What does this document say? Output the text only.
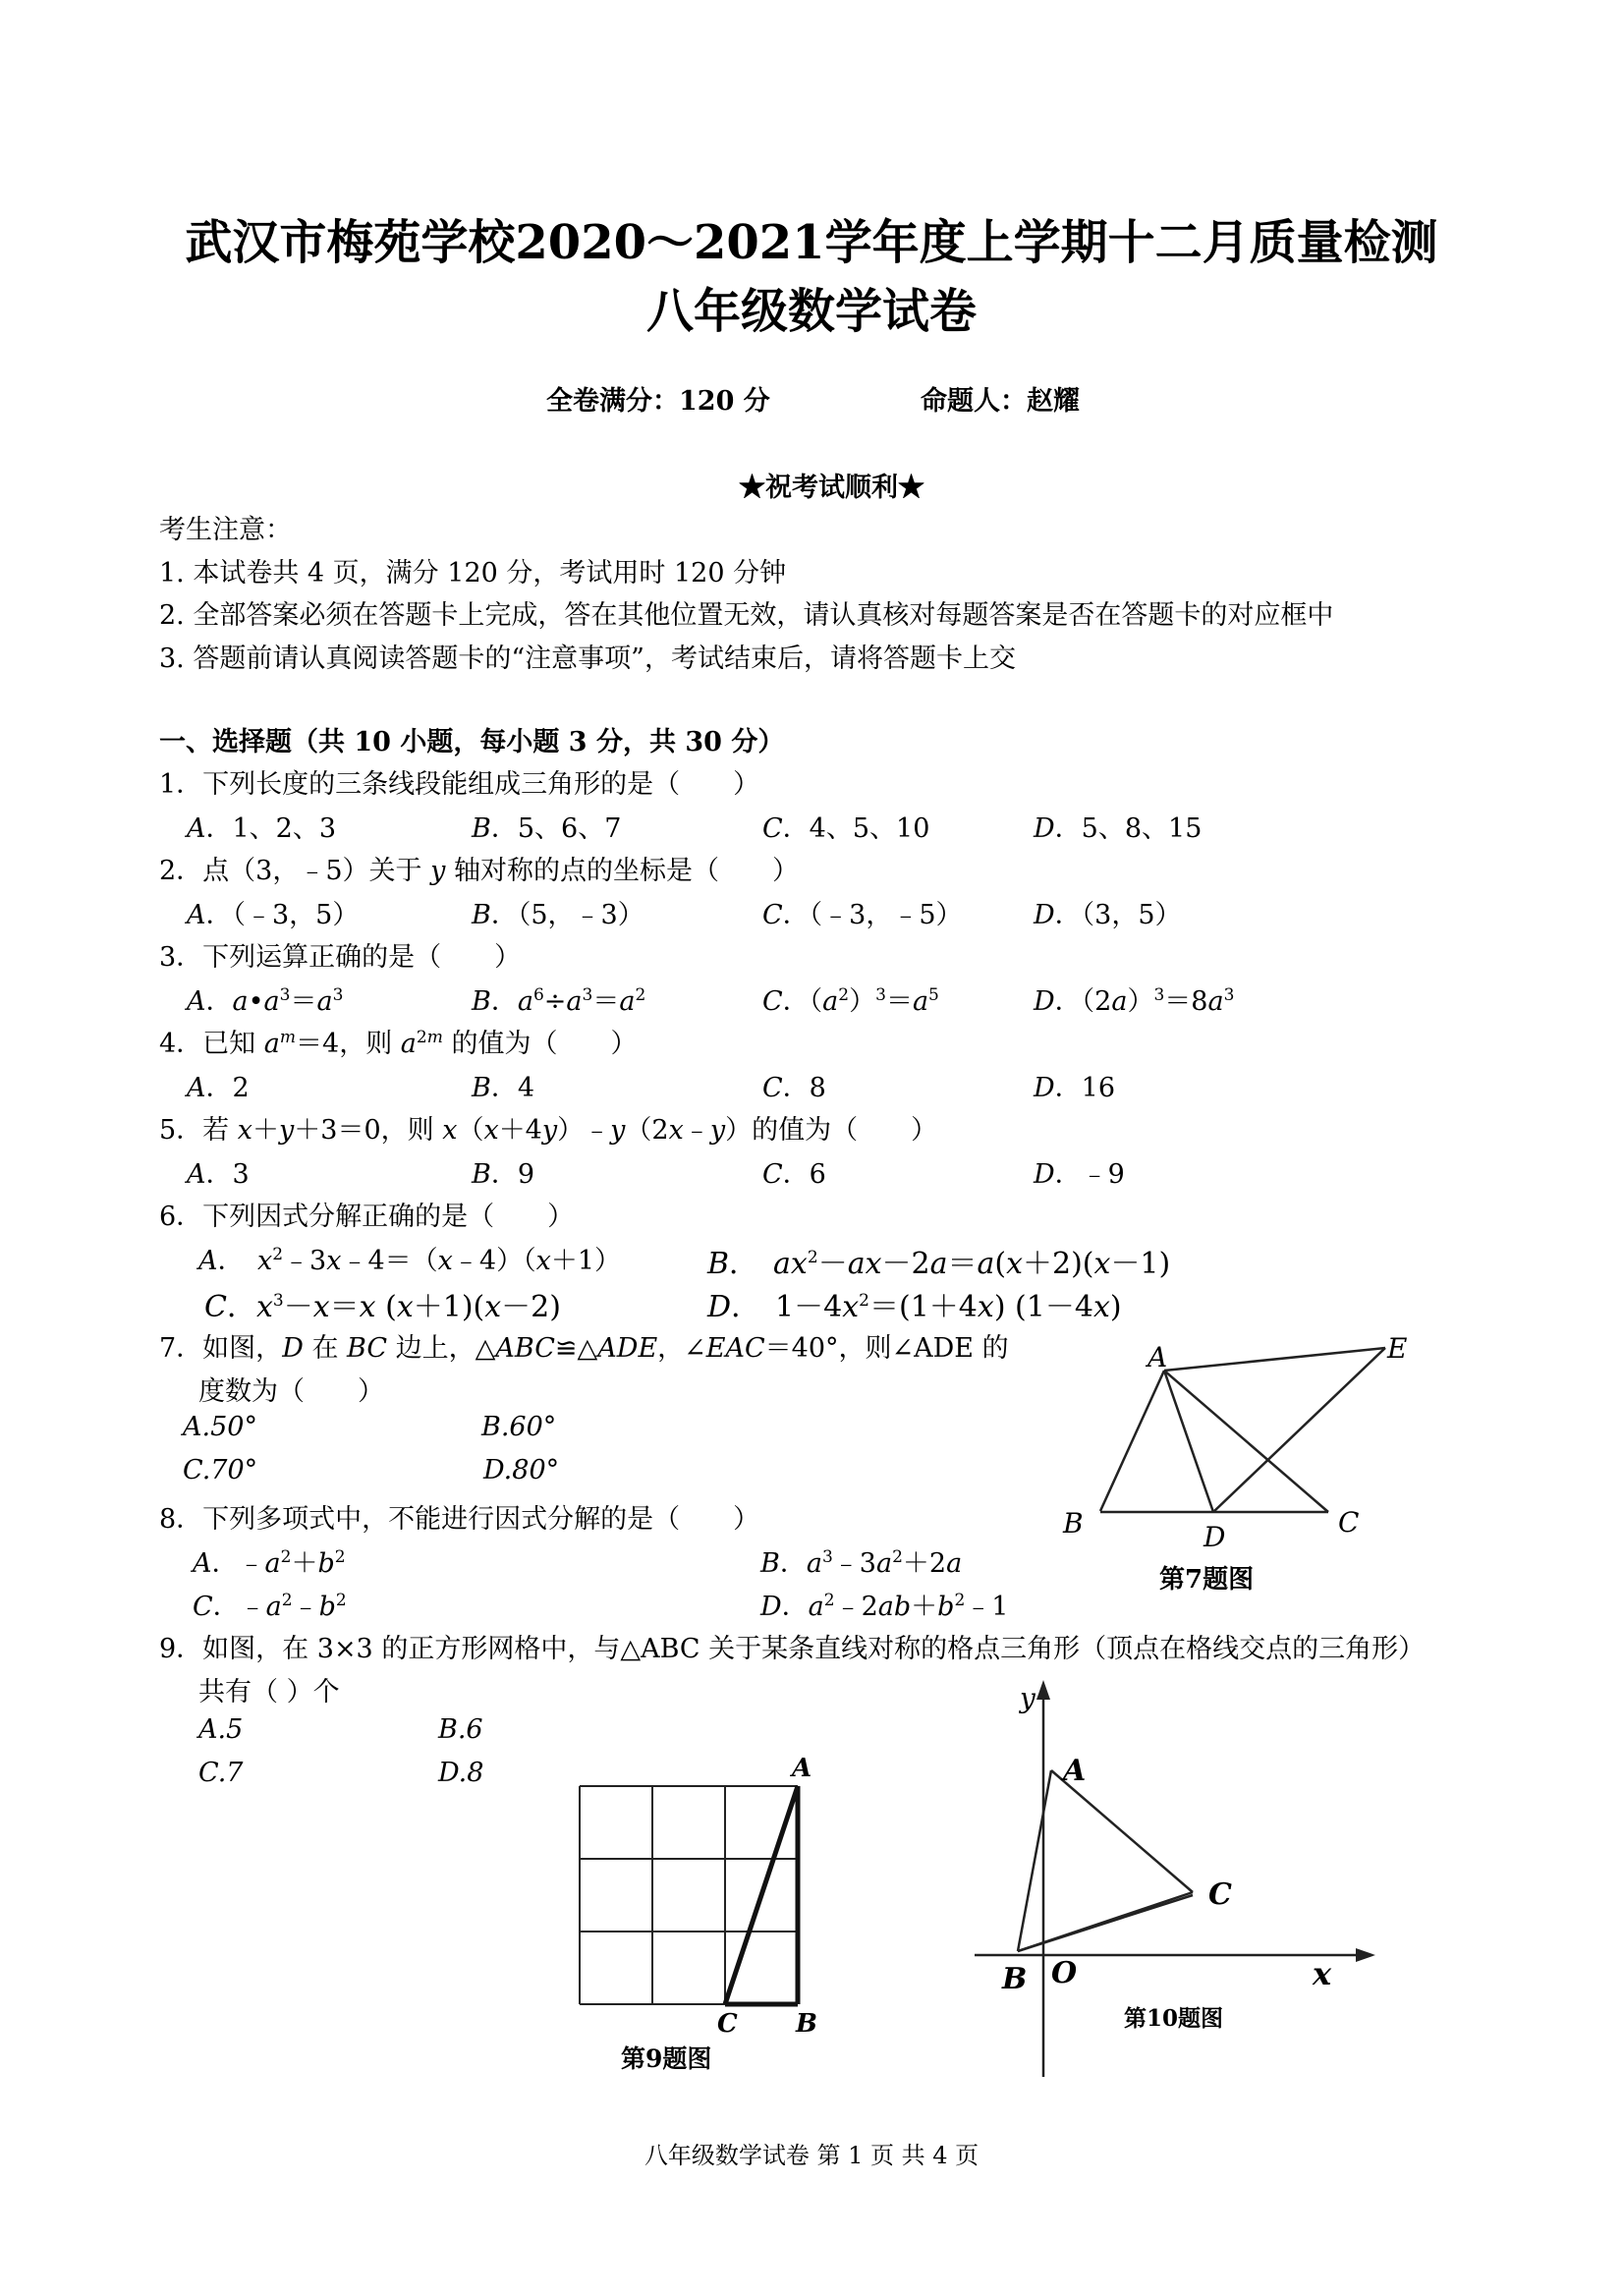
武汉市梅苑学校2020～2021学年度上学期十二月质量检测
八年级数学试卷
全卷满分：120 分	命题人：赵耀
★祝考试顺利★
考生注意：
1. 本试卷共 4 页，满分 120 分，考试用时 120 分钟
2. 全部答案必须在答题卡上完成，答在其他位置无效，请认真核对每题答案是否在答题卡的对应框中
3. 答题前请认真阅读答题卡的“注意事项”，考试结束后，请将答题卡上交
一、选择题（共 10 小题，每小题 3 分，共 30 分）
1．下列长度的三条线段能组成三角形的是（　　）
A．1、2、3	B．5、6、7	C．4、5、10	D．5、8、15
2．点（3，﹣5）关于 y 轴对称的点的坐标是（　　）
A．（﹣3，5）	B．（5，﹣3）	C．（﹣3，﹣5）	D．（3，5）
3．下列运算正确的是（　　）
A．$a•a^3=a^3$	B．$a^6\div a^3=a^2$	C．$(a^2)^3=a^5$	D．$(2a)^3=8a^3$
4．已知 $a^m=4$，则 $a^{2m}$ 的值为（　　）
A．2	B．4	C．8	D．16
5．若 x＋y＋3＝0，则 x（x＋4y）﹣y（2x﹣y）的值为（　　）
A．3	B．9	C．6	D．﹣9
6．下列因式分解正确的是（　　）
A．　$x^2﹣3x﹣4=(x﹣4)(x+1)$	B．　$ax^2-ax-2a=a(x+2)(x-1)$
C．$x^3-x=x$ (x＋1)(x－2)	D．　$1-4x^2=(1+4x)$ (1－4x)
7．如图，D 在 BC 边上，△ABC≌△ADE，∠EAC＝40°，则∠ADE 的
度数为（　　）
A.50°	B.60°
C.70°	D.80°
8．下列多项式中，不能进行因式分解的是（　　）
A．$﹣a^2+b^2$	B．$a^3﹣3a^2+2a$
C．$﹣a^2﹣b^2$	D．$a^2﹣2ab+b^2﹣1$
9．如图，在 3×3 的正方形网格中，与△ABC 关于某条直线对称的格点三角形（顶点在格线交点的三角形）
共有（ ）个
A.5	B.6
C.7	D.8
A	E
B	D	C
第7题图
A
C B
第9题图
y
x
A
C
B O
第10题图
八年级数学试卷 第 1 页 共 4 页
